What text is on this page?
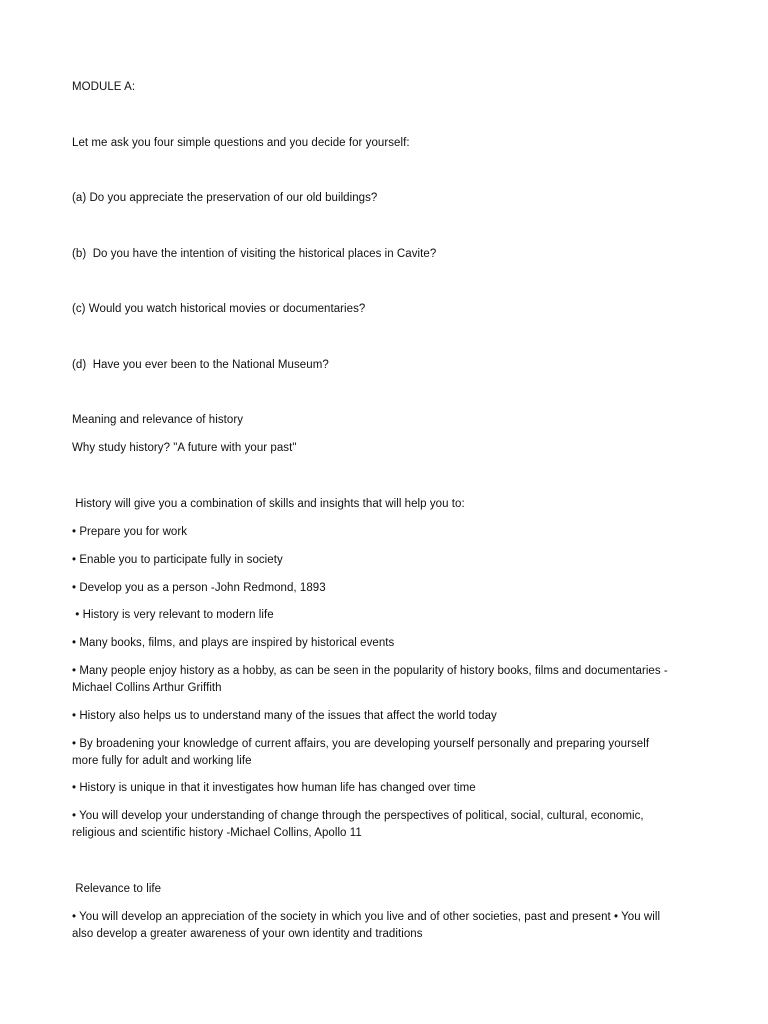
MODULE A:

Let me ask you four simple questions and you decide for yourself:

(a) Do you appreciate the preservation of our old buildings?

(b)  Do you have the intention of visiting the historical places in Cavite?

(c) Would you watch historical movies or documentaries?

(d)  Have you ever been to the National Museum?

Meaning and relevance of history

Why study history? "A future with your past"

History will give you a combination of skills and insights that will help you to:

• Prepare you for work

• Enable you to participate fully in society

• Develop you as a person -John Redmond, 1893

• History is very relevant to modern life

• Many books, films, and plays are inspired by historical events

• Many people enjoy history as a hobby, as can be seen in the popularity of history books, films and documentaries -Michael Collins Arthur Griffith

• History also helps us to understand many of the issues that affect the world today

• By broadening your knowledge of current affairs, you are developing yourself personally and preparing yourself more fully for adult and working life

• History is unique in that it investigates how human life has changed over time

• You will develop your understanding of change through the perspectives of political, social, cultural, economic, religious and scientific history -Michael Collins, Apollo 11

Relevance to life

• You will develop an appreciation of the society in which you live and of other societies, past and present • You will also develop a greater awareness of your own identity and traditions
